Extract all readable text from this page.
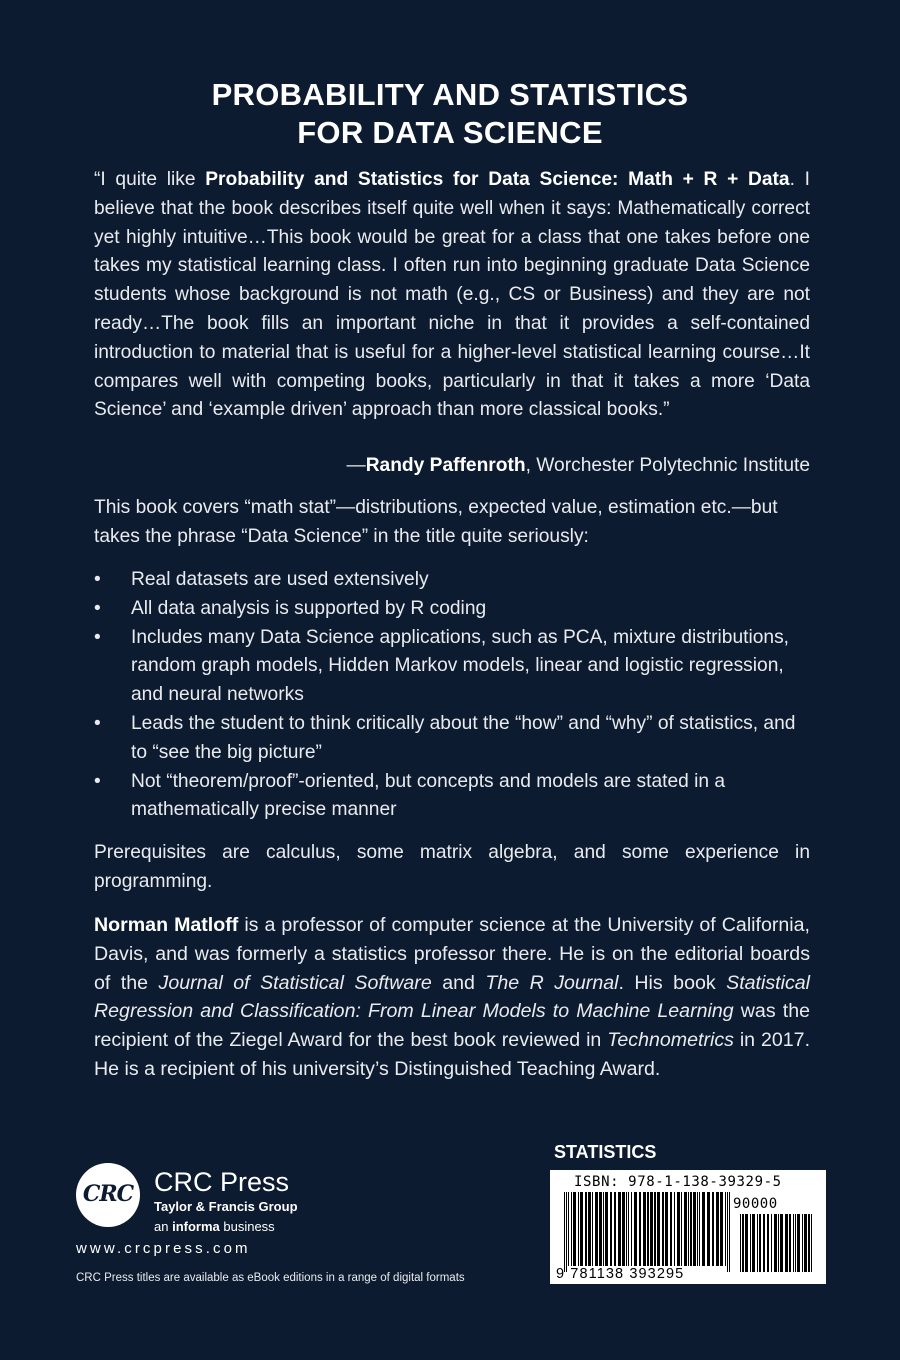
PROBABILITY AND STATISTICS
FOR DATA SCIENCE
“I quite like Probability and Statistics for Data Science: Math + R + Data. I believe that the book describes itself quite well when it says: Mathematically correct yet highly intuitive…This book would be great for a class that one takes before one takes my statistical learning class. I often run into beginning graduate Data Science students whose background is not math (e.g., CS or Business) and they are not ready…The book fills an important niche in that it provides a self-contained introduction to material that is useful for a higher-level statistical learning course…It compares well with competing books, particularly in that it takes a more ‘Data Science’ and ‘example driven’ approach than more classical books.”
—Randy Paffenroth, Worchester Polytechnic Institute
This book covers “math stat”—distributions, expected value, estimation etc.—but takes the phrase “Data Science” in the title quite seriously:
• Real datasets are used extensively
• All data analysis is supported by R coding
• Includes many Data Science applications, such as PCA, mixture distributions, random graph models, Hidden Markov models, linear and logistic regression, and neural networks
• Leads the student to think critically about the “how” and “why” of statistics, and to “see the big picture”
• Not “theorem/proof”-oriented, but concepts and models are stated in a mathematically precise manner
Prerequisites are calculus, some matrix algebra, and some experience in programming.
Norman Matloff is a professor of computer science at the University of California, Davis, and was formerly a statistics professor there. He is on the editorial boards of the Journal of Statistical Software and The R Journal. His book Statistical Regression and Classification: From Linear Models to Machine Learning was the recipient of the Ziegel Award for the best book reviewed in Technometrics in 2017. He is a recipient of his university’s Distinguished Teaching Award.
CRC CRC Press
Taylor & Francis Group
an informa business
www.crcpress.com
CRC Press titles are available as eBook editions in a range of digital formats
STATISTICS
ISBN: 978-1-138-39329-5
90000
9 781138 393295
